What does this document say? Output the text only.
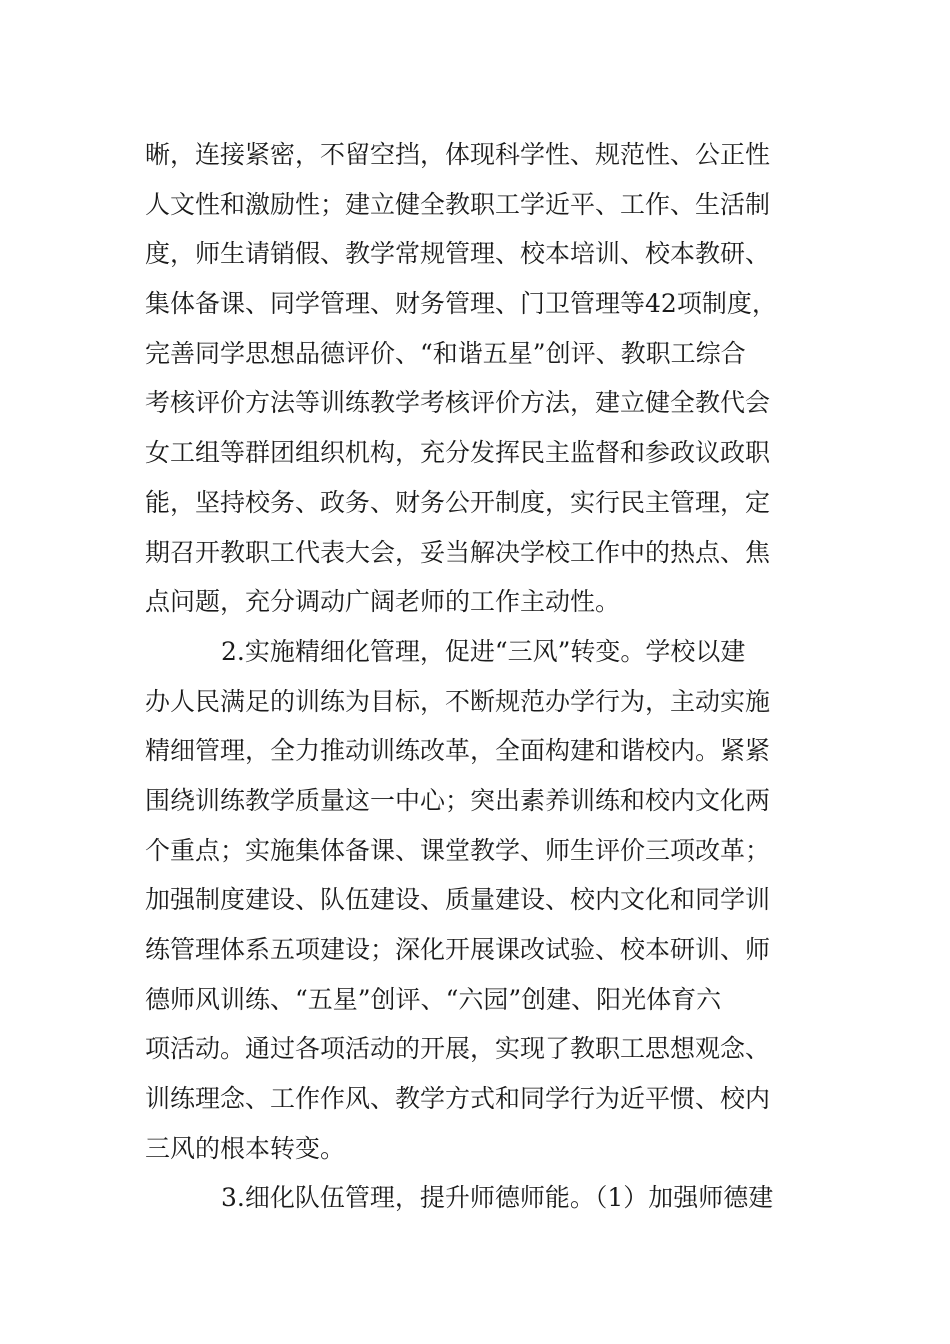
晰，连接紧密，不留空挡，体现科学性、规范性、公正性
人文性和激励性；建立健全教职工学近平、工作、生活制
度，师生请销假、教学常规管理、校本培训、校本教研、
集体备课、同学管理、财务管理、门卫管理等42项制度，
完善同学思想品德评价、“和谐五星”创评、教职工综合
考核评价方法等训练教学考核评价方法，建立健全教代会
女工组等群团组织机构，充分发挥民主监督和参政议政职
能，坚持校务、政务、财务公开制度，实行民主管理，定
期召开教职工代表大会，妥当解决学校工作中的热点、焦
点问题，充分调动广阔老师的工作主动性。
2.实施精细化管理，促进“三风”转变。学校以建
办人民满足的训练为目标，不断规范办学行为，主动实施
精细管理，全力推动训练改革，全面构建和谐校内。紧紧
围绕训练教学质量这一中心；突出素养训练和校内文化两
个重点；实施集体备课、课堂教学、师生评价三项改革；
加强制度建设、队伍建设、质量建设、校内文化和同学训
练管理体系五项建设；深化开展课改试验、校本研训、师
德师风训练、“五星”创评、“六园”创建、阳光体育六
项活动。通过各项活动的开展，实现了教职工思想观念、
训练理念、工作作风、教学方式和同学行为近平惯、校内
三风的根本转变。
3.细化队伍管理，提升师德师能。（1）加强师德建
